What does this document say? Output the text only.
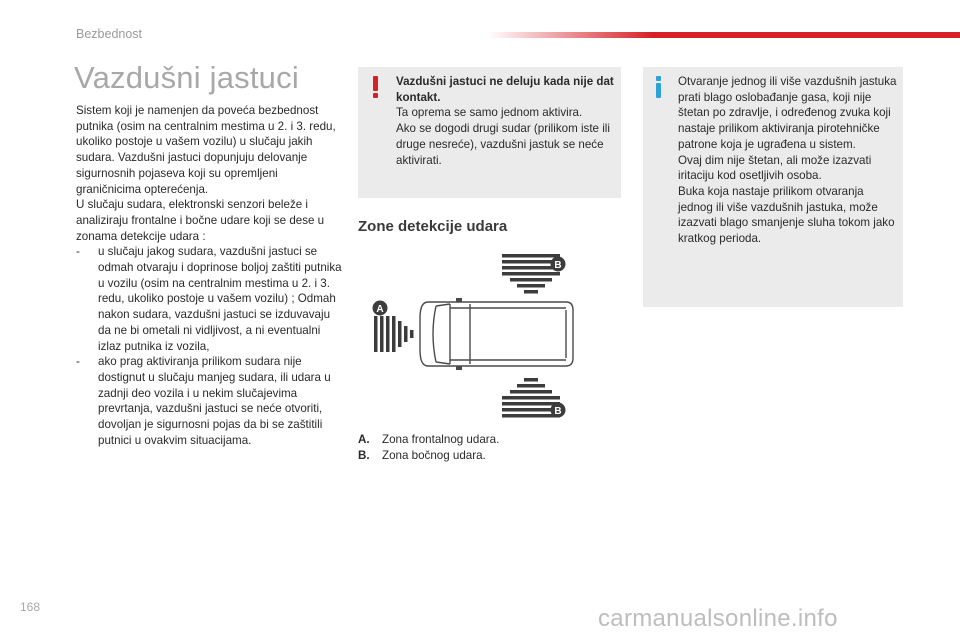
Bezbednost
Vazdušni jastuci

Sistem koji je namenjen da poveća bezbednost putnika (osim na centralnim mestima u 2. i 3. redu, ukoliko postoje u vašem vozilu) u slučaju jakih sudara. Vazdušni jastuci dopunjuju delovanje sigurnosnih pojaseva koji su opremljeni graničnicima opterećenja.

U slučaju sudara, elektronski senzori beleže i analiziraju frontalne i bočne udare koji se dese u zonama detekcije udara :

-	u slučaju jakog sudara, vazdušni jastuci se odmah otvaraju i doprinose boljoj zaštiti putnika u vozilu (osim na centralnim mestima u 2. i 3. redu, ukoliko postoje u vašem vozilu) ; Odmah nakon sudara, vazdušni jastuci se izduvavaju da ne bi ometali ni vidljivost, a ni eventualni izlaz putnika iz vozila,
-	ako prag aktiviranja prilikom sudara nije dostignut u slučaju manjeg sudara, ili udara u zadnji deo vozila i u nekim slučajevima prevrtanja, vazdušni jastuci se neće otvoriti, dovoljan je sigurnosni pojas da bi se zaštitili putnici u ovakvim situacijama.
Vazdušni jastuci ne deluju kada nije dat kontakt.
Ta oprema se samo jednom aktivira.
Ako se dogodi drugi sudar (prilikom iste ili druge nesreće), vazdušni jastuk se neće aktivirati.
Otvaranje jednog ili više vazdušnih jastuka prati blago oslobađanje gasa, koji nije štetan po zdravlje, i određenog zvuka koji nastaje prilikom aktiviranja pirotehničke patrone koja je ugrađena u sistem.
Ovaj dim nije štetan, ali može izazvati iritaciju kod osetljivih osoba.
Buka koja nastaje prilikom otvaranja jednog ili više vazdušnih jastuka, može izazvati blago smanjenje sluha tokom jako kratkog perioda.
Zone detekcije udara
A
B
B
A.	Zona frontalnog udara.
B.	Zona bočnog udara.
168	carmanualsonline.info
